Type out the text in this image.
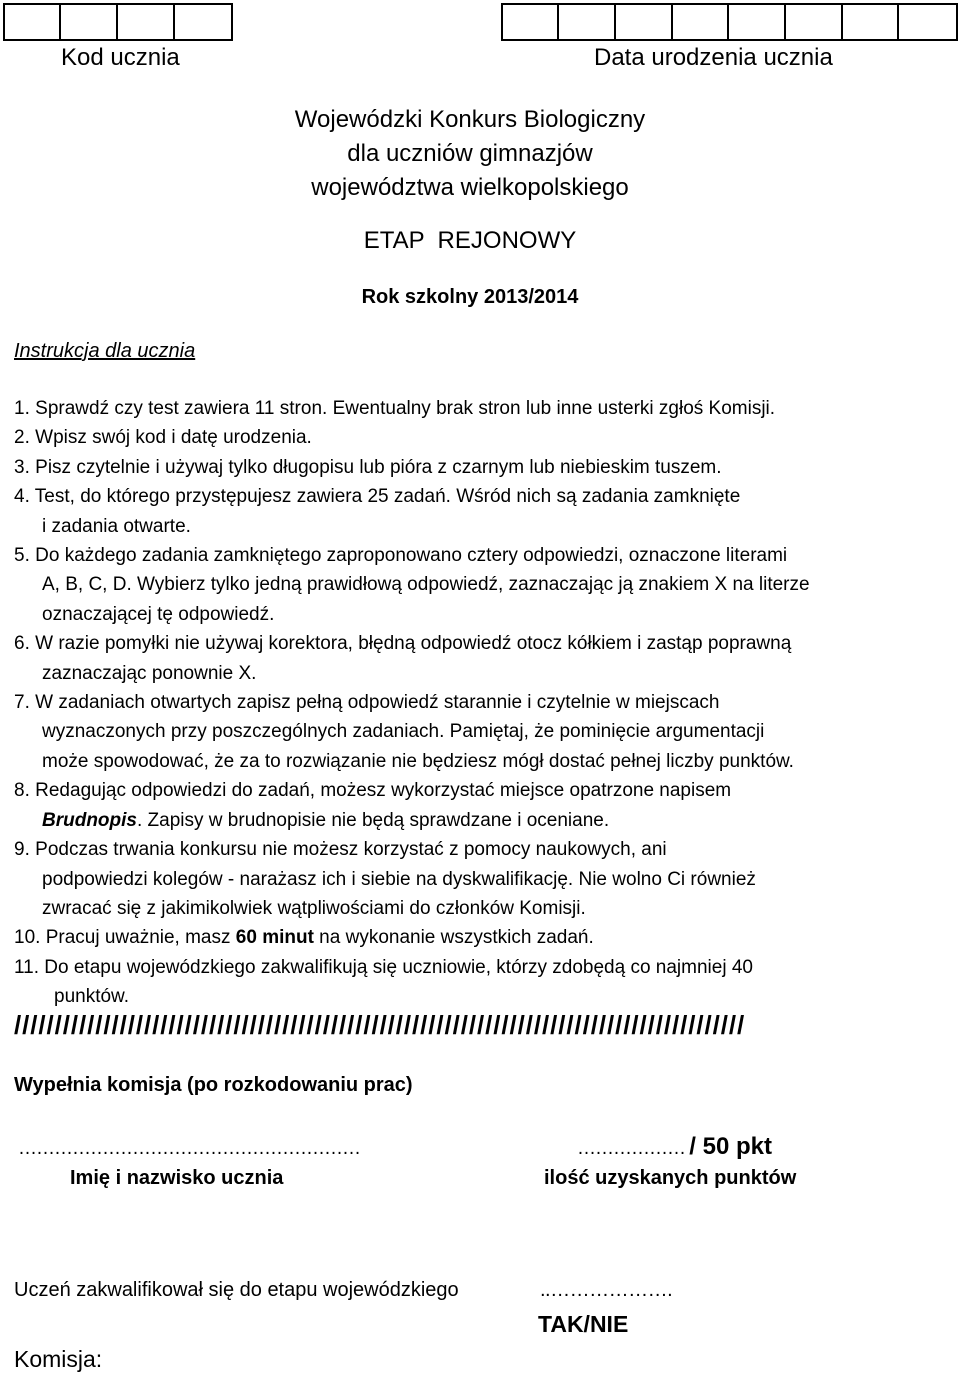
Kod ucznia	Data urodzenia ucznia
Wojewódzki Konkurs Biologiczny
dla uczniów gimnazjów
województwa wielkopolskiego
ETAP  REJONOWY
Rok szkolny 2013/2014
Instrukcja dla ucznia
1. Sprawdź czy test zawiera 11 stron. Ewentualny brak stron lub inne usterki zgłoś Komisji.
2. Wpisz swój kod i datę urodzenia.
3. Pisz czytelnie i używaj tylko długopisu lub pióra z czarnym lub niebieskim tuszem.
4. Test, do którego przystępujesz zawiera 25 zadań. Wśród nich są zadania zamknięte
i zadania otwarte.
5. Do każdego zadania zamkniętego zaproponowano cztery odpowiedzi, oznaczone literami
A, B, C, D. Wybierz tylko jedną prawidłową odpowiedź, zaznaczając ją znakiem X na literze
oznaczającej tę odpowiedź.
6. W razie pomyłki nie używaj korektora, błędną odpowiedź otocz kółkiem i zastąp poprawną
zaznaczając ponownie X.
7. W zadaniach otwartych zapisz pełną odpowiedź starannie i czytelnie w miejscach
wyznaczonych przy poszczególnych zadaniach. Pamiętaj, że pominięcie argumentacji
może spowodować, że za to rozwiązanie nie będziesz mógł dostać pełnej liczby punktów.
8. Redagując odpowiedzi do zadań, możesz wykorzystać miejsce opatrzone napisem
Brudnopis. Zapisy w brudnopisie nie będą sprawdzane i oceniane.
9. Podczas trwania konkursu nie możesz korzystać z pomocy naukowych, ani
podpowiedzi kolegów - narażasz ich i siebie na dyskwalifikację. Nie wolno Ci również
zwracać się z jakimikolwiek wątpliwościami do członków Komisji.
10. Pracuj uważnie, masz 60 minut na wykonanie wszystkich zadań.
11. Do etapu wojewódzkiego zakwalifikują się uczniowie, którzy zdobędą co najmniej 40
punktów.
//////////////////////////////////////////////////////////////////////////////////////////
Wypełnia komisja (po rozkodowaniu prac)
…………………………………………………
Imię i nazwisko ucznia
……………… / 50 pkt
ilość uzyskanych punktów
Uczeń zakwalifikował się do etapu wojewódzkiego	..……………….
TAK/NIE
Komisja:
